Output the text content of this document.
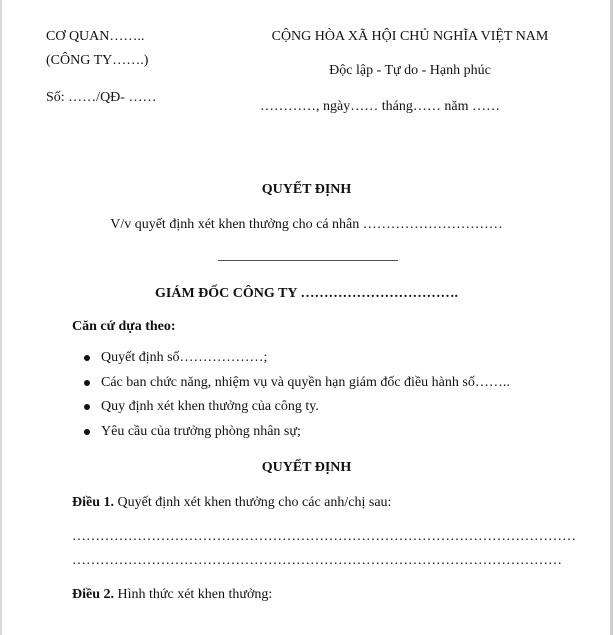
CƠ QUAN……..
(CÔNG TY…….)
Số: ……/QĐ- ……
CỘNG HÒA XÃ HỘI CHỦ NGHĨA VIỆT NAM
Độc lập - Tự do - Hạnh phúc
…………, ngày…… tháng…… năm ……
QUYẾT ĐỊNH
V/v quyết định xét khen thưởng cho cá nhân …………………………
GIÁM ĐỐC CÔNG TY …………………………….
Căn cứ dựa theo:
Quyết định số………………;
Các ban chức năng, nhiệm vụ và quyền hạn giám đốc điều hành số……..
Quy định xét khen thưởng của công ty.
Yêu cầu của trưởng phòng nhân sự;
QUYẾT ĐỊNH
Điều 1. Quyết định xét khen thưởng cho các anh/chị sau:
………………………………………………………………………………………………
……………………………………………………………………………………………
Điều 2. Hình thức xét khen thưởng:
